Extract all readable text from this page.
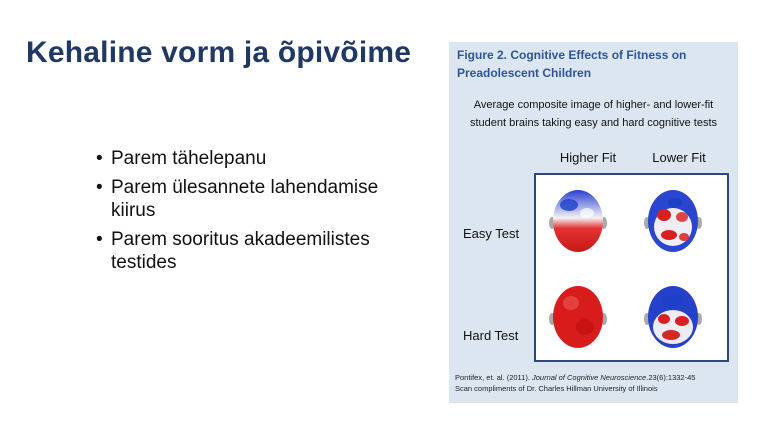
Kehaline vorm ja õpivõime
• Parem tähelepanu
• Parem ülesannete lahendamise kiirus
• Parem sooritus akadeemilistes testides
Figure 2. Cognitive Effects of Fitness on
Preadolescent Children
Average composite image of higher- and lower-fit
student brains taking easy and hard cognitive tests
Higher Fit	Lower Fit
Easy Test
Hard Test
Pontifex, et. al. (2011). Journal of Cognitive Neuroscience.23(6):1332-45
Scan compliments of Dr. Charles Hillman University of Illinois
